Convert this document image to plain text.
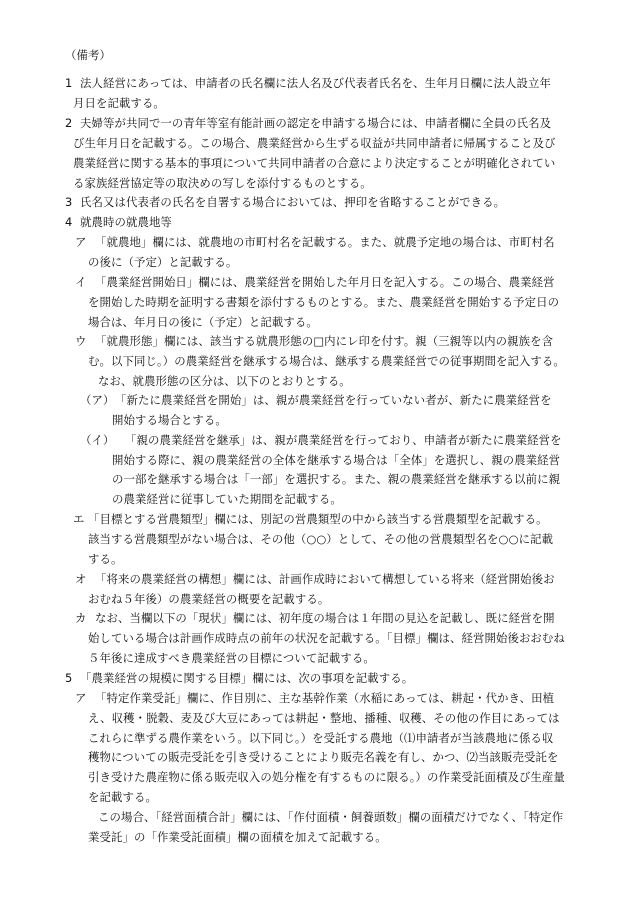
（備考）
1 法人経営にあっては、申請者の氏名欄に法人名及び代表者氏名を、生年月日欄に法人設立年
月日を記載する。
2 夫婦等が共同で一の青年等室有能計画の認定を申請する場合には、申請者欄に全員の氏名及
び生年月日を記載する。この場合、農業経営から生ずる収益が共同申請者に帰属すること及び
農業経営に関する基本的事項について共同申請者の合意により決定することが明確化されてい
る家族経営協定等の取決めの写しを添付するものとする。
3 氏名又は代表者の氏名を自署する場合においては、押印を省略することができる。
4 就農時の就農地等
ア 「就農地」欄には、就農地の市町村名を記載する。また、就農予定地の場合は、市町村名
の後に（予定）と記載する。
イ 「農業経営開始日」欄には、農業経営を開始した年月日を記入する。この場合、農業経営
を開始した時期を証明する書類を添付するものとする。また、農業経営を開始する予定日の
場合は、年月日の後に（予定）と記載する。
ウ 「就農形態」欄には、該当する就農形態の□内にレ印を付す。親（三親等以内の親族を含
む。以下同じ。）の農業経営を継承する場合は、継承する農業経営での従事期間を記入する。
なお、就農形態の区分は、以下のとおりとする。
（ア） 「新たに農業経営を開始」は、親が農業経営を行っていない者が、新たに農業経営を
開始する場合とする。
（イ） 「親の農業経営を継承」は、親が農業経営を行っており、申請者が新たに農業経営を
開始する際に、親の農業経営の全体を継承する場合は「全体」を選択し、親の農業経営
の一部を継承する場合は「一部」を選択する。また、親の農業経営を継承する以前に親
の農業経営に従事していた期間を記載する。
エ 「目標とする営農類型」欄には、別記の営農類型の中から該当する営農類型を記載する。
該当する営農類型がない場合は、その他（○○）として、その他の営農類型名を○○に記載
する。
オ 「将来の農業経営の構想」欄には、計画作成時において構想している将来（経営開始後お
おむね５年後）の農業経営の概要を記載する。
カ なお、当欄以下の「現状」欄には、初年度の場合は１年間の見込を記載し、既に経営を開
始している場合は計画作成時点の前年の状況を記載する。「目標」欄は、経営開始後おおむね
５年後に達成すべき農業経営の目標について記載する。
5 「農業経営の規模に関する目標」欄には、次の事項を記載する。
ア 「特定作業受託」欄に、作目別に、主な基幹作業（水稲にあっては、耕起・代かき、田植
え、収穫・脱穀、麦及び大豆にあっては耕起・整地、播種、収穫、その他の作目にあっては
これらに準ずる農作業をいう。以下同じ。）を受託する農地（⑴申請者が当該農地に係る収
穫物についての販売受託を引き受けることにより販売名義を有し、かつ、⑵当該販売受託を
引き受けた農産物に係る販売収入の処分権を有するものに限る。）の作業受託面積及び生産量
を記載する。
この場合、「経営面積合計」欄には、「作付面積・飼養頭数」欄の面積だけでなく、「特定作
業受託」の「作業受託面積」欄の面積を加えて記載する。
